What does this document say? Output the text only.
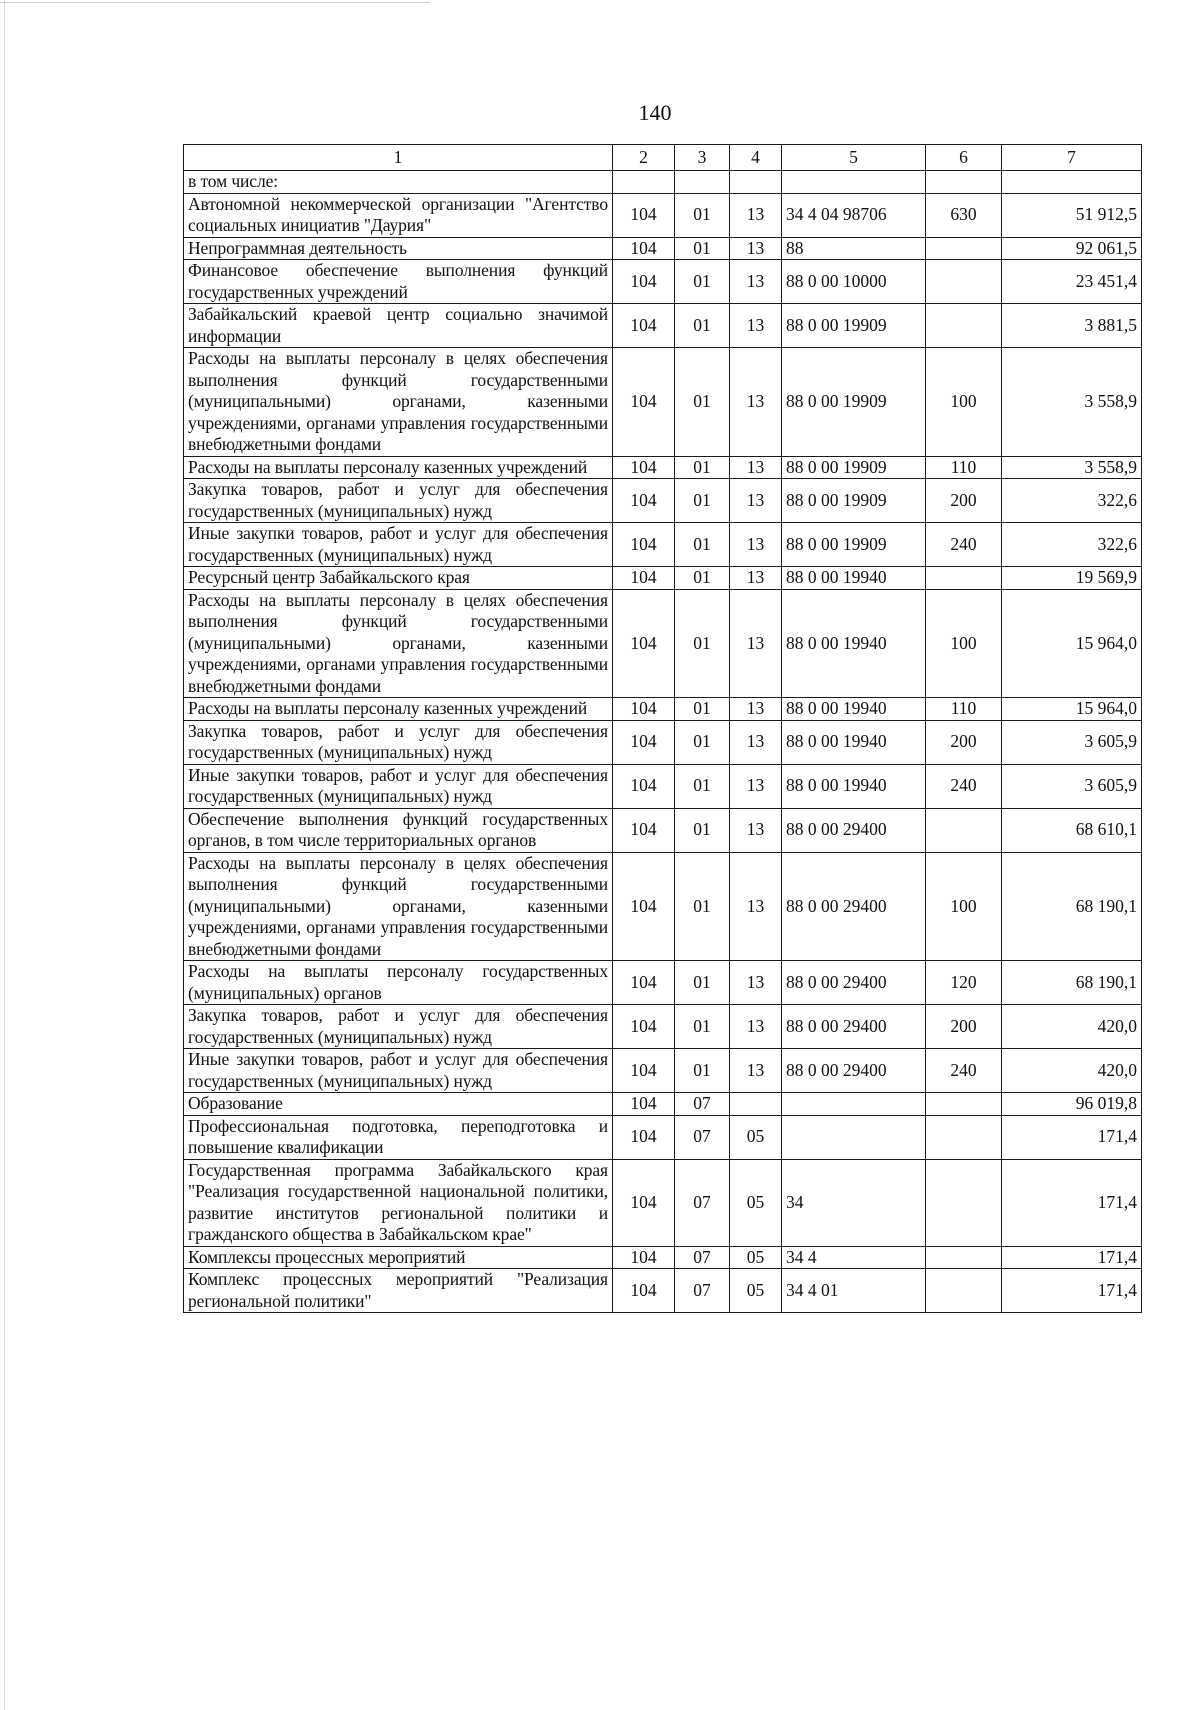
140
1	2	3	4	5	6	7
в том числе:						
Автономной некоммерческой организации "Агентство социальных инициатив "Даурия"	104	01	13	34 4 04 98706	630	51 912,5
Непрограммная деятельность	104	01	13	88		92 061,5
Финансовое обеспечение выполнения функций государственных учреждений	104	01	13	88 0 00 10000		23 451,4
Забайкальский краевой центр социально значимой информации	104	01	13	88 0 00 19909		3 881,5
Расходы на выплаты персоналу в целях обеспечения выполнения функций государственными (муниципальными) органами, казенными учреждениями, органами управления государственными внебюджетными фондами	104	01	13	88 0 00 19909	100	3 558,9
Расходы на выплаты персоналу казенных учреждений	104	01	13	88 0 00 19909	110	3 558,9
Закупка товаров, работ и услуг для обеспечения государственных (муниципальных) нужд	104	01	13	88 0 00 19909	200	322,6
Иные закупки товаров, работ и услуг для обеспечения государственных (муниципальных) нужд	104	01	13	88 0 00 19909	240	322,6
Ресурсный центр Забайкальского края	104	01	13	88 0 00 19940		19 569,9
Расходы на выплаты персоналу в целях обеспечения выполнения функций государственными (муниципальными) органами, казенными учреждениями, органами управления государственными внебюджетными фондами	104	01	13	88 0 00 19940	100	15 964,0
Расходы на выплаты персоналу казенных учреждений	104	01	13	88 0 00 19940	110	15 964,0
Закупка товаров, работ и услуг для обеспечения государственных (муниципальных) нужд	104	01	13	88 0 00 19940	200	3 605,9
Иные закупки товаров, работ и услуг для обеспечения государственных (муниципальных) нужд	104	01	13	88 0 00 19940	240	3 605,9
Обеспечение выполнения функций государственных органов, в том числе территориальных органов	104	01	13	88 0 00 29400		68 610,1
Расходы на выплаты персоналу в целях обеспечения выполнения функций государственными (муниципальными) органами, казенными учреждениями, органами управления государственными внебюджетными фондами	104	01	13	88 0 00 29400	100	68 190,1
Расходы на выплаты персоналу государственных (муниципальных) органов	104	01	13	88 0 00 29400	120	68 190,1
Закупка товаров, работ и услуг для обеспечения государственных (муниципальных) нужд	104	01	13	88 0 00 29400	200	420,0
Иные закупки товаров, работ и услуг для обеспечения государственных (муниципальных) нужд	104	01	13	88 0 00 29400	240	420,0
Образование	104	07				96 019,8
Профессиональная подготовка, переподготовка и повышение квалификации	104	07	05			171,4
Государственная программа Забайкальского края "Реализация государственной национальной политики, развитие институтов региональной политики и гражданского общества в Забайкальском крае"	104	07	05	34		171,4
Комплексы процессных мероприятий	104	07	05	34 4		171,4
Комплекс процессных мероприятий "Реализация региональной политики"	104	07	05	34 4 01		171,4
